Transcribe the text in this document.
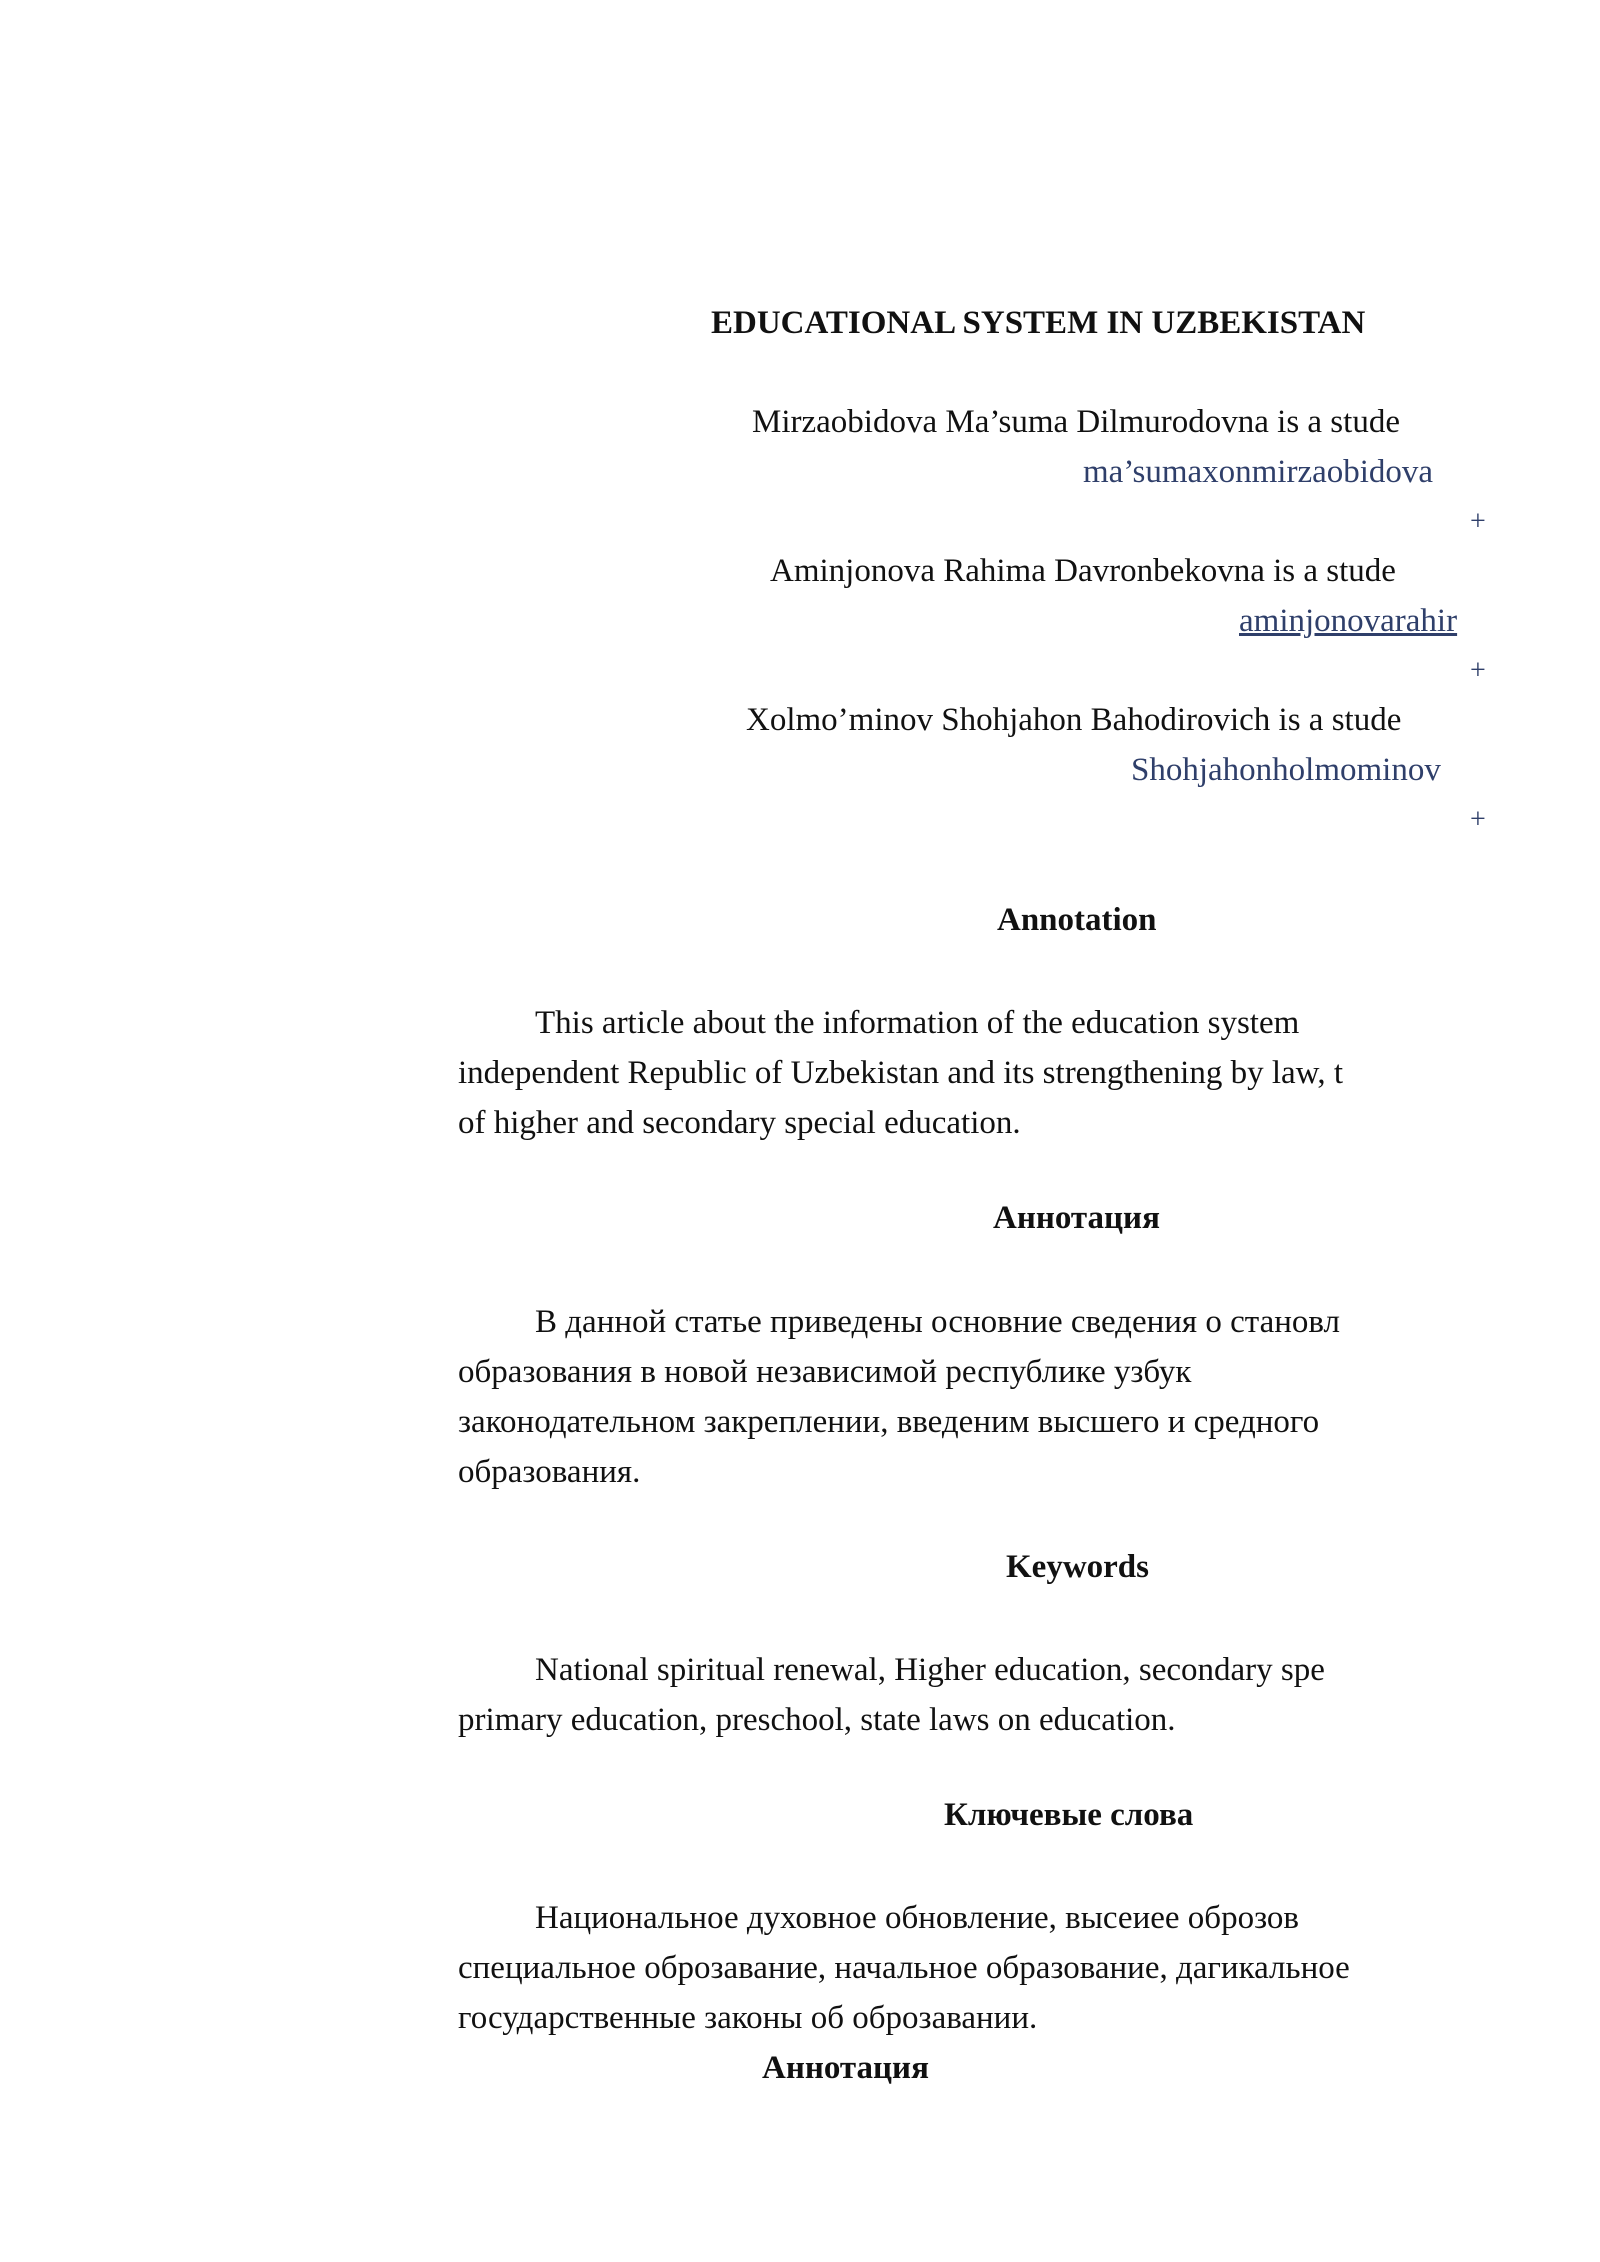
EDUCATIONAL SYSTEM IN UZBEKISTAN
Mirzaobidova Ma’suma Dilmurodovna is a stude
ma’sumaxonmirzaobidova
+
Aminjonova Rahima Davronbekovna is a stude
aminjonovarahir
+
Xolmo’minov Shohjahon Bahodirovich is a stude
Shohjahonholmominov
+
Annotation
This article about the information of the education system
independent Republic of Uzbekistan and its strengthening by law, t
of higher and secondary special education.
Аннотация
В данной статье приведены основние сведения о становл
образования в новой независимой республике узбук
законодательном закреплении, введеним высшего и средного
образования.
Keywords
National spiritual renewal, Higher education, secondary spe
primary education, preschool, state laws on education.
Ключевые слова
Национальное духовное обновление, высеиее оброзов
специальное оброзавание, начальное образование, дагикальное
государственные законы об оброзавании.
Аннотация
